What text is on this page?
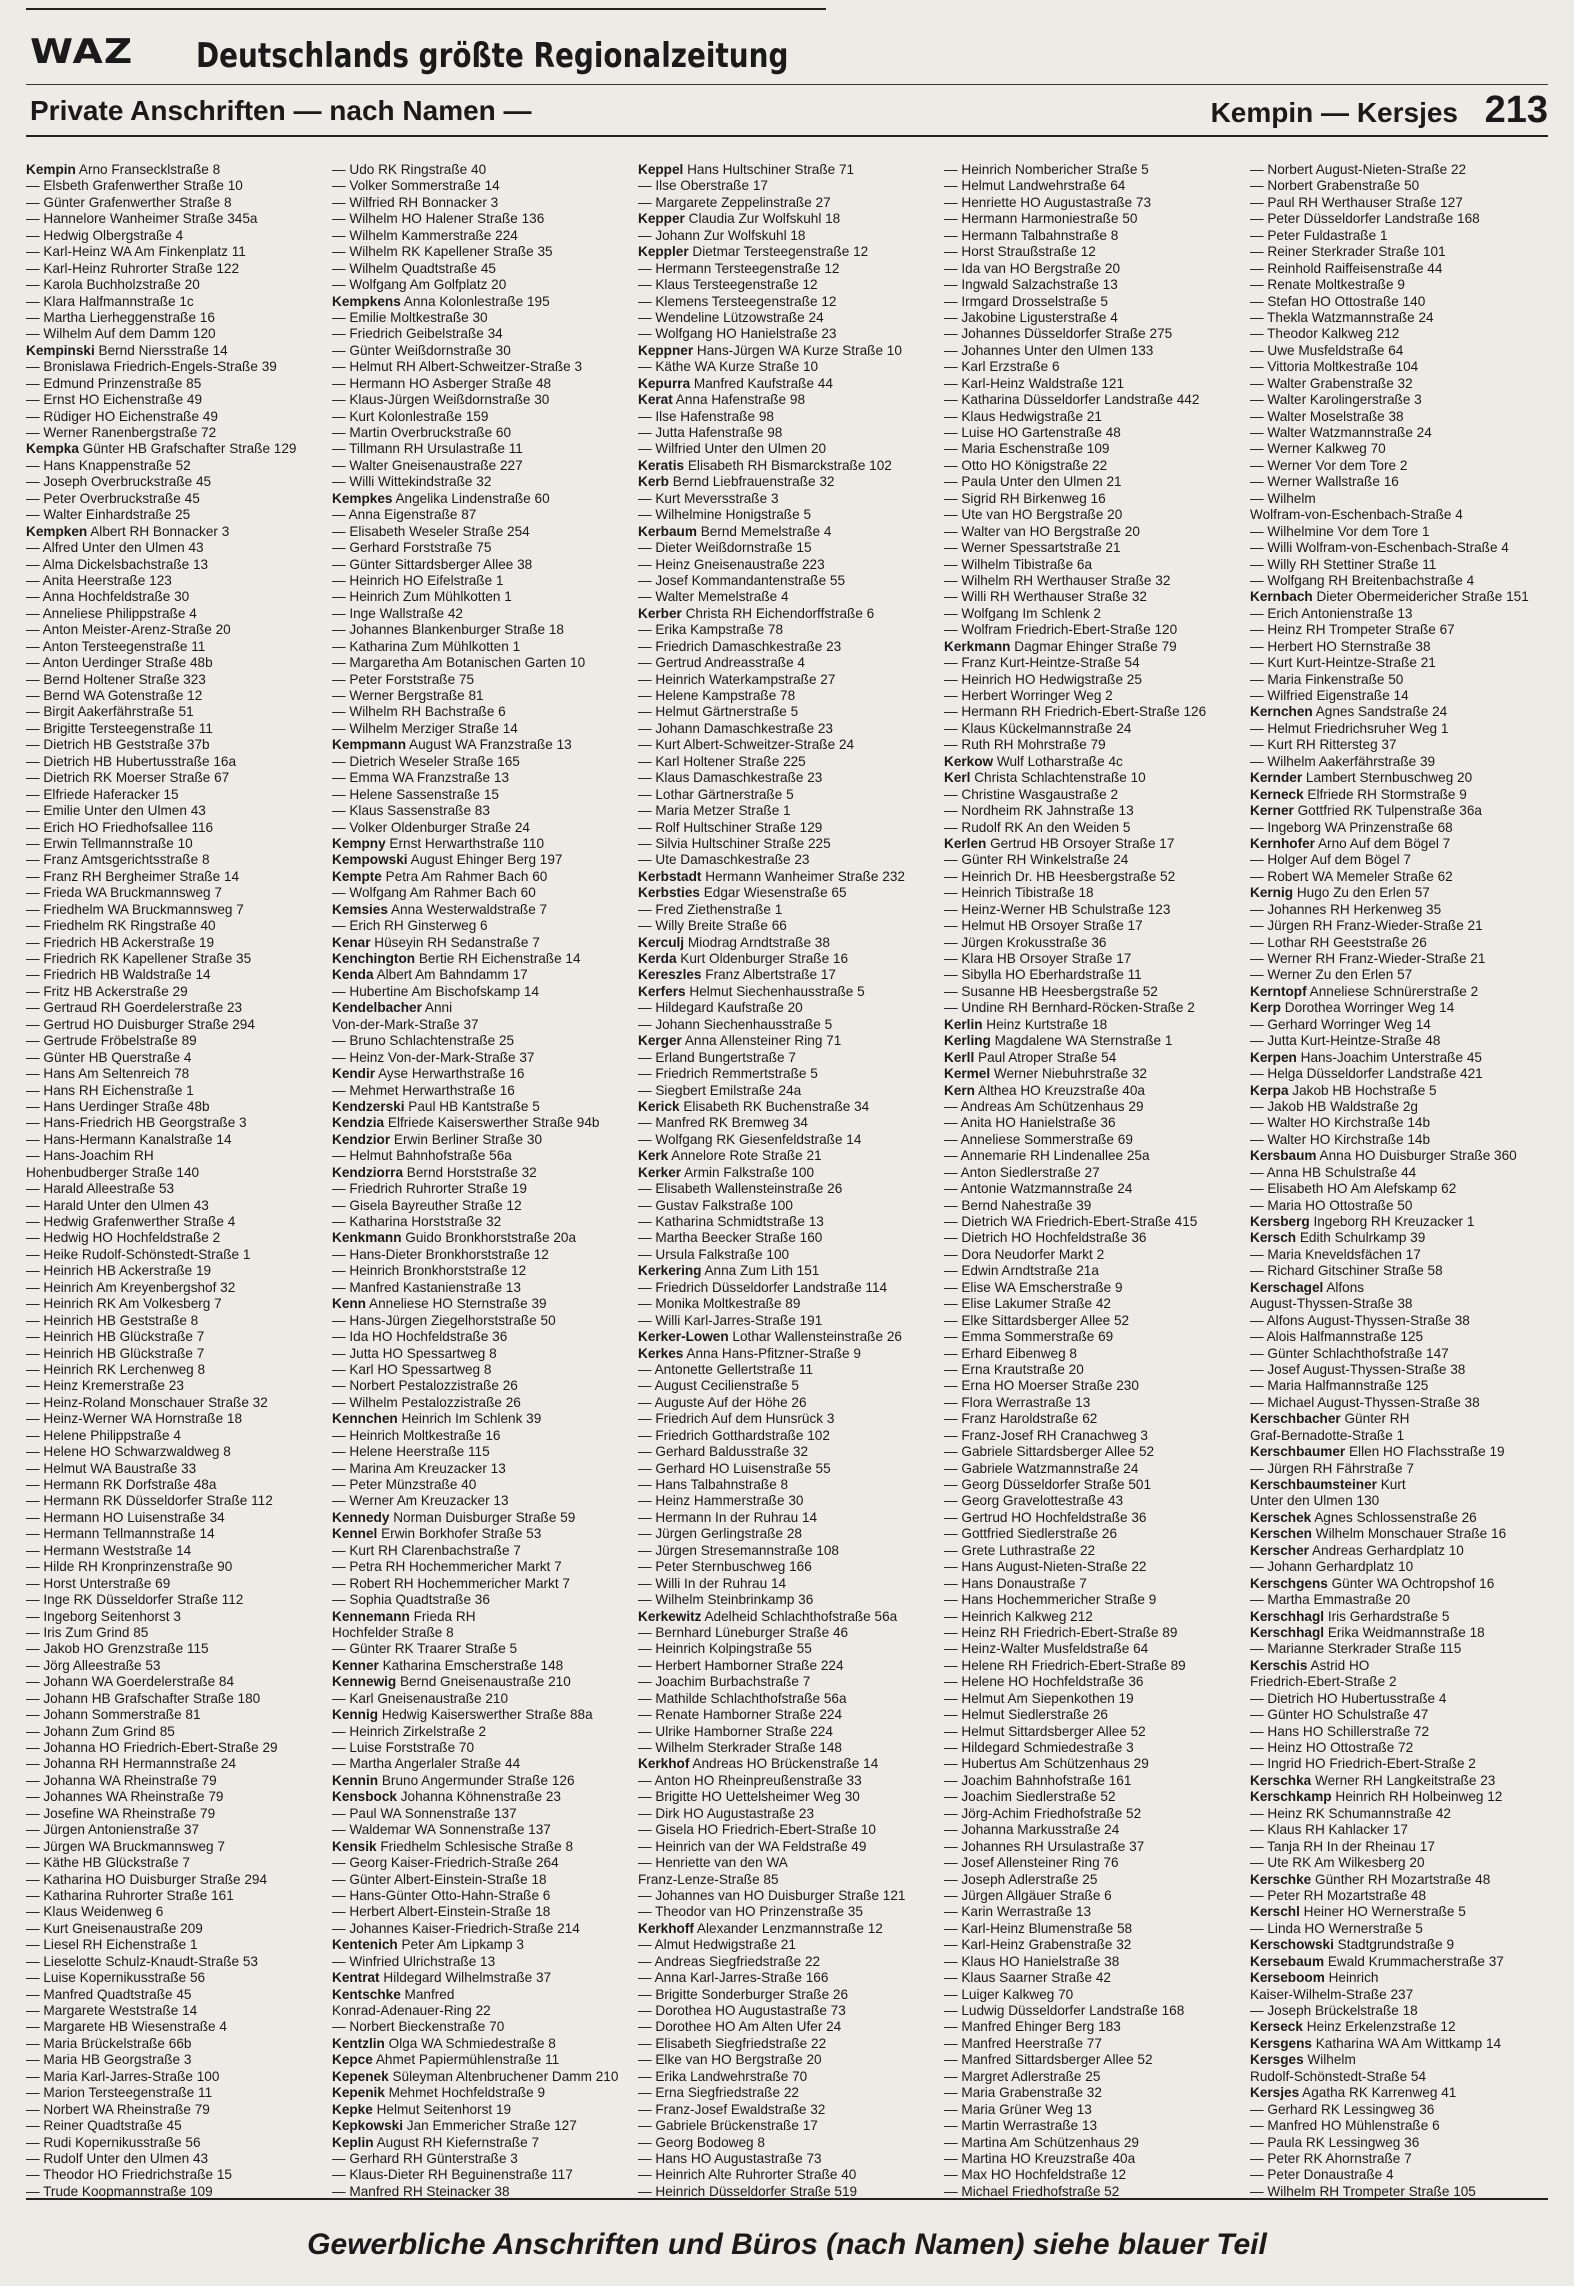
WAZ Deutschlands größte Regionalzeitung
Private Anschriften — nach Namen —	Kempin — Kersjes 213
Kempin Arno Fransecklstraße 8
— Elsbeth Grafenwerther Straße 10
— Günter Grafenwerther Straße 8
— Hannelore Wanheimer Straße 345a
— Hedwig Olbergstraße 4
— Karl-Heinz WA Am Finkenplatz 11
— Karl-Heinz Ruhrorter Straße 122
— Karola Buchholzstraße 20
— Klara Halfmannstraße 1c
— Martha Lierheggenstraße 16
— Wilhelm Auf dem Damm 120
Kempinski Bernd Niersstraße 14
— Bronislawa Friedrich-Engels-Straße 39
— Edmund Prinzenstraße 85
— Ernst HO Eichenstraße 49
— Rüdiger HO Eichenstraße 49
— Werner Ranenbergstraße 72
Kempka Günter HB Grafschafter Straße 129
— Hans Knappenstraße 52
— Joseph Overbruckstraße 45
— Peter Overbruckstraße 45
— Walter Einhardstraße 25
Kempken Albert RH Bonnacker 3
— Alfred Unter den Ulmen 43
— Alma Dickelsbachstraße 13
— Anita Heerstraße 123
— Anna Hochfeldstraße 30
— Anneliese Philippstraße 4
— Anton Meister-Arenz-Straße 20
— Anton Tersteegenstraße 11
— Anton Uerdinger Straße 48b
— Bernd Holtener Straße 323
— Bernd WA Gotenstraße 12
— Birgit Aakerfährstraße 51
— Brigitte Tersteegenstraße 11
— Dietrich HB Geststraße 37b
— Dietrich HB Hubertusstraße 16a
— Dietrich RK Moerser Straße 67
— Elfriede Haferacker 15
— Emilie Unter den Ulmen 43
— Erich HO Friedhofsallee 116
— Erwin Tellmannstraße 10
— Franz Amtsgerichtsstraße 8
— Franz RH Bergheimer Straße 14
— Frieda WA Bruckmannsweg 7
— Friedhelm WA Bruckmannsweg 7
— Friedhelm RK Ringstraße 40
— Friedrich HB Ackerstraße 19
— Friedrich RK Kapellener Straße 35
— Friedrich HB Waldstraße 14
— Fritz HB Ackerstraße 29
— Gertraud RH Goerdelerstraße 23
— Gertrud HO Duisburger Straße 294
— Gertrude Fröbelstraße 89
— Günter HB Querstraße 4
— Hans Am Seltenreich 78
— Hans RH Eichenstraße 1
— Hans Uerdinger Straße 48b
— Hans-Friedrich HB Georgstraße 3
— Hans-Hermann Kanalstraße 14
— Hans-Joachim RH
Hohenbudberger Straße 140
— Harald Alleestraße 53
— Harald Unter den Ulmen 43
— Hedwig Grafenwerther Straße 4
— Hedwig HO Hochfeldstraße 2
— Heike Rudolf-Schönstedt-Straße 1
— Heinrich HB Ackerstraße 19
— Heinrich Am Kreyenbergshof 32
— Heinrich RK Am Volkesberg 7
— Heinrich HB Geststraße 8
— Heinrich HB Glückstraße 7
— Heinrich HB Glückstraße 7
— Heinrich RK Lerchenweg 8
— Heinz Kremerstraße 23
— Heinz-Roland Monschauer Straße 32
— Heinz-Werner WA Hornstraße 18
— Helene Philippstraße 4
— Helene HO Schwarzwaldweg 8
— Helmut WA Baustraße 33
— Hermann RK Dorfstraße 48a
— Hermann RK Düsseldorfer Straße 112
— Hermann HO Luisenstraße 34
— Hermann Tellmannstraße 14
— Hermann Weststraße 14
— Hilde RH Kronprinzenstraße 90
— Horst Unterstraße 69
— Inge RK Düsseldorfer Straße 112
— Ingeborg Seitenhorst 3
— Iris Zum Grind 85
— Jakob HO Grenzstraße 115
— Jörg Alleestraße 53
— Johann WA Goerdelerstraße 84
— Johann HB Grafschafter Straße 180
— Johann Sommerstraße 81
— Johann Zum Grind 85
— Johanna HO Friedrich-Ebert-Straße 29
— Johanna RH Hermannstraße 24
— Johanna WA Rheinstraße 79
— Johannes WA Rheinstraße 79
— Josefine WA Rheinstraße 79
— Jürgen Antonienstraße 37
— Jürgen WA Bruckmannsweg 7
— Käthe HB Glückstraße 7
— Katharina HO Duisburger Straße 294
— Katharina Ruhrorter Straße 161
— Klaus Weidenweg 6
— Kurt Gneisenaustraße 209
— Liesel RH Eichenstraße 1
— Lieselotte Schulz-Knaudt-Straße 53
— Luise Kopernikusstraße 56
— Manfred Quadtstraße 45
— Margarete Weststraße 14
— Margarete HB Wiesenstraße 4
— Maria Brückelstraße 66b
— Maria HB Georgstraße 3
— Maria Karl-Jarres-Straße 100
— Marion Tersteegenstraße 11
— Norbert WA Rheinstraße 79
— Reiner Quadtstraße 45
— Rudi Kopernikusstraße 56
— Rudolf Unter den Ulmen 43
— Theodor HO Friedrichstraße 15
— Trude Koopmannstraße 109
— Udo RK Ringstraße 40
— Volker Sommerstraße 14
— Wilfried RH Bonnacker 3
— Wilhelm HO Halener Straße 136
— Wilhelm Kammerstraße 224
— Wilhelm RK Kapellener Straße 35
— Wilhelm Quadtstraße 45
— Wolfgang Am Golfplatz 20
Kempkens Anna Kolonlestraße 195
— Emilie Moltkestraße 30
— Friedrich Geibelstraße 34
— Günter Weißdornstraße 30
— Helmut RH Albert-Schweitzer-Straße 3
— Hermann HO Asberger Straße 48
— Klaus-Jürgen Weißdornstraße 30
— Kurt Kolonlestraße 159
— Martin Overbruckstraße 60
— Tillmann RH Ursulastraße 11
— Walter Gneisenaustraße 227
— Willi Wittekindstraße 32
Kempkes Angelika Lindenstraße 60
— Anna Eigenstraße 87
— Elisabeth Weseler Straße 254
— Gerhard Forststraße 75
— Günter Sittardsberger Allee 38
— Heinrich HO Eifelstraße 1
— Heinrich Zum Mühlkotten 1
— Inge Wallstraße 42
— Johannes Blankenburger Straße 18
— Katharina Zum Mühlkotten 1
— Margaretha Am Botanischen Garten 10
— Peter Forststraße 75
— Werner Bergstraße 81
— Wilhelm RH Bachstraße 6
— Wilhelm Merziger Straße 14
Kempmann August WA Franzstraße 13
— Dietrich Weseler Straße 165
— Emma WA Franzstraße 13
— Helene Sassenstraße 15
— Klaus Sassenstraße 83
— Volker Oldenburger Straße 24
Kempny Ernst Herwarthstraße 110
Kempowski August Ehinger Berg 197
Kempte Petra Am Rahmer Bach 60
— Wolfgang Am Rahmer Bach 60
Kemsies Anna Westerwaldstraße 7
— Erich RH Ginsterweg 6
Kenar Hüseyin RH Sedanstraße 7
Kenchington Bertie RH Eichenstraße 14
Kenda Albert Am Bahndamm 17
— Hubertine Am Bischofskamp 14
Kendelbacher Anni
Von-der-Mark-Straße 37
— Bruno Schlachtenstraße 25
— Heinz Von-der-Mark-Straße 37
Kendir Ayse Herwarthstraße 16
— Mehmet Herwarthstraße 16
Kendzerski Paul HB Kantstraße 5
Kendzia Elfriede Kaiserswerther Straße 94b
Kendzior Erwin Berliner Straße 30
— Helmut Bahnhofstraße 56a
Kendziorra Bernd Horststraße 32
— Friedrich Ruhrorter Straße 19
— Gisela Bayreuther Straße 12
— Katharina Horststraße 32
Kenkmann Guido Bronkhorststraße 20a
— Hans-Dieter Bronkhorststraße 12
— Heinrich Bronkhorststraße 12
— Manfred Kastanienstraße 13
Kenn Anneliese HO Sternstraße 39
— Hans-Jürgen Ziegelhorststraße 50
— Ida HO Hochfeldstraße 36
— Jutta HO Spessartweg 8
— Karl HO Spessartweg 8
— Norbert Pestalozzistraße 26
— Wilhelm Pestalozzistraße 26
Kennchen Heinrich Im Schlenk 39
— Heinrich Moltkestraße 16
— Helene Heerstraße 115
— Marina Am Kreuzacker 13
— Peter Münzstraße 40
— Werner Am Kreuzacker 13
Kennedy Norman Duisburger Straße 59
Kennel Erwin Borkhofer Straße 53
— Kurt RH Clarenbachstraße 7
— Petra RH Hochemmericher Markt 7
— Robert RH Hochemmericher Markt 7
— Sophia Quadtstraße 36
Kennemann Frieda RH
Hochfelder Straße 8
— Günter RK Traarer Straße 5
Kenner Katharina Emscherstraße 148
Kennewig Bernd Gneisenaustraße 210
— Karl Gneisenaustraße 210
Kennig Hedwig Kaiserswerther Straße 88a
— Heinrich Zirkelstraße 2
— Luise Forststraße 70
— Martha Angerlaler Straße 44
Kennin Bruno Angermunder Straße 126
Kensbock Johanna Köhnenstraße 23
— Paul WA Sonnenstraße 137
— Waldemar WA Sonnenstraße 137
Kensik Friedhelm Schlesische Straße 8
— Georg Kaiser-Friedrich-Straße 264
— Günter Albert-Einstein-Straße 18
— Hans-Günter Otto-Hahn-Straße 6
— Herbert Albert-Einstein-Straße 18
— Johannes Kaiser-Friedrich-Straße 214
Kentenich Peter Am Lipkamp 3
— Winfried Ulrichstraße 13
Kentrat Hildegard Wilhelmstraße 37
Kentschke Manfred
Konrad-Adenauer-Ring 22
— Norbert Bieckenstraße 70
Kentzlin Olga WA Schmiedestraße 8
Kepce Ahmet Papiermühlenstraße 11
Kepenek Süleyman Altenbruchener Damm 210
Kepenik Mehmet Hochfeldstraße 9
Kepke Helmut Seitenhorst 19
Kepkowski Jan Emmericher Straße 127
Keplin August RH Kiefernstraße 7
— Gerhard RH Günterstraße 3
— Klaus-Dieter RH Beguinenstraße 117
— Manfred RH Steinacker 38
Keppel Hans Hultschiner Straße 71
— Ilse Oberstraße 17
— Margarete Zeppelinstraße 27
Kepper Claudia Zur Wolfskuhl 18
— Johann Zur Wolfskuhl 18
Keppler Dietmar Tersteegenstraße 12
— Hermann Tersteegenstraße 12
— Klaus Tersteegenstraße 12
— Klemens Tersteegenstraße 12
— Wendeline Lützowstraße 24
— Wolfgang HO Hanielstraße 23
Keppner Hans-Jürgen WA Kurze Straße 10
— Käthe WA Kurze Straße 10
Kepurra Manfred Kaufstraße 44
Kerat Anna Hafenstraße 98
— Ilse Hafenstraße 98
— Jutta Hafenstraße 98
— Wilfried Unter den Ulmen 20
Keratis Elisabeth RH Bismarckstraße 102
Kerb Bernd Liebfrauenstraße 32
— Kurt Meversstraße 3
— Wilhelmine Honigstraße 5
Kerbaum Bernd Memelstraße 4
— Dieter Weißdornstraße 15
— Heinz Gneisenaustraße 223
— Josef Kommandantenstraße 55
— Walter Memelstraße 4
Kerber Christa RH Eichendorffstraße 6
— Erika Kampstraße 78
— Friedrich Damaschkestraße 23
— Gertrud Andreasstraße 4
— Heinrich Waterkampstraße 27
— Helene Kampstraße 78
— Helmut Gärtnerstraße 5
— Johann Damaschkestraße 23
— Kurt Albert-Schweitzer-Straße 24
— Karl Holtener Straße 225
— Klaus Damaschkestraße 23
— Lothar Gärtnerstraße 5
— Maria Metzer Straße 1
— Rolf Hultschiner Straße 129
— Silvia Hultschiner Straße 225
— Ute Damaschkestraße 23
Kerbstadt Hermann Wanheimer Straße 232
Kerbsties Edgar Wiesenstraße 65
— Fred Ziethenstraße 1
— Willy Breite Straße 66
Kerculj Miodrag Arndtstraße 38
Kerda Kurt Oldenburger Straße 16
Kereszles Franz Albertstraße 17
Kerfers Helmut Siechenhausstraße 5
— Hildegard Kaufstraße 20
— Johann Siechenhausstraße 5
Kerger Anna Allensteiner Ring 71
— Erland Bungertstraße 7
— Friedrich Remmertstraße 5
— Siegbert Emilstraße 24a
Kerick Elisabeth RK Buchenstraße 34
— Manfred RK Bremweg 34
— Wolfgang RK Giesenfeldstraße 14
Kerk Annelore Rote Straße 21
Kerker Armin Falkstraße 100
— Elisabeth Wallensteinstraße 26
— Gustav Falkstraße 100
— Katharina Schmidtstraße 13
— Martha Beecker Straße 160
— Ursula Falkstraße 100
Kerkering Anna Zum Lith 151
— Friedrich Düsseldorfer Landstraße 114
— Monika Moltkestraße 89
— Willi Karl-Jarres-Straße 191
Kerker-Lowen Lothar Wallensteinstraße 26
Kerkes Anna Hans-Pfitzner-Straße 9
— Antonette Gellertstraße 11
— August Cecilienstraße 5
— Auguste Auf der Höhe 26
— Friedrich Auf dem Hunsrück 3
— Friedrich Gotthardstraße 102
— Gerhard Baldusstraße 32
— Gerhard HO Luisenstraße 55
— Hans Talbahnstraße 8
— Heinz Hammerstraße 30
— Hermann In der Ruhrau 14
— Jürgen Gerlingstraße 28
— Jürgen Stresemannstraße 108
— Peter Sternbuschweg 166
— Willi In der Ruhrau 14
— Wilhelm Steinbrinkamp 36
Kerkewitz Adelheid Schlachthofstraße 56a
— Bernhard Lüneburger Straße 46
— Heinrich Kolpingstraße 55
— Herbert Hamborner Straße 224
— Joachim Burbachstraße 7
— Mathilde Schlachthofstraße 56a
— Renate Hamborner Straße 224
— Ulrike Hamborner Straße 224
— Wilhelm Sterkrader Straße 148
Kerkhof Andreas HO Brückenstraße 14
— Anton HO Rheinpreußenstraße 33
— Brigitte HO Uettelsheimer Weg 30
— Dirk HO Augustastraße 23
— Gisela HO Friedrich-Ebert-Straße 10
— Heinrich van der WA Feldstraße 49
— Henriette van den WA
Franz-Lenze-Straße 85
— Johannes van HO Duisburger Straße 121
— Theodor van HO Prinzenstraße 35
Kerkhoff Alexander Lenzmannstraße 12
— Almut Hedwigstraße 21
— Andreas Siegfriedstraße 22
— Anna Karl-Jarres-Straße 166
— Brigitte Sonderburger Straße 26
— Dorothea HO Augustastraße 73
— Dorothee HO Am Alten Ufer 24
— Elisabeth Siegfriedstraße 22
— Elke van HO Bergstraße 20
— Erika Landwehrstraße 70
— Erna Siegfriedstraße 22
— Franz-Josef Ewaldstraße 32
— Gabriele Brückenstraße 17
— Georg Bodoweg 8
— Hans HO Augustastraße 73
— Heinrich Alte Ruhrorter Straße 40
— Heinrich Düsseldorfer Straße 519
— Heinrich Nombericher Straße 5
— Helmut Landwehrstraße 64
— Henriette HO Augustastraße 73
— Hermann Harmoniestraße 50
— Hermann Talbahnstraße 8
— Horst Straußstraße 12
— Ida van HO Bergstraße 20
— Ingwald Salzachstraße 13
— Irmgard Drosselstraße 5
— Jakobine Ligusterstraße 4
— Johannes Düsseldorfer Straße 275
— Johannes Unter den Ulmen 133
— Karl Erzstraße 6
— Karl-Heinz Waldstraße 121
— Katharina Düsseldorfer Landstraße 442
— Klaus Hedwigstraße 21
— Luise HO Gartenstraße 48
— Maria Eschenstraße 109
— Otto HO Königstraße 22
— Paula Unter den Ulmen 21
— Sigrid RH Birkenweg 16
— Ute van HO Bergstraße 20
— Walter van HO Bergstraße 20
— Werner Spessartstraße 21
— Wilhelm Tibistraße 6a
— Wilhelm RH Werthauser Straße 32
— Willi RH Werthauser Straße 32
— Wolfgang Im Schlenk 2
— Wolfram Friedrich-Ebert-Straße 120
Kerkmann Dagmar Ehinger Straße 79
— Franz Kurt-Heintze-Straße 54
— Heinrich HO Hedwigstraße 25
— Herbert Worringer Weg 2
— Hermann RH Friedrich-Ebert-Straße 126
— Klaus Kückelmannstraße 24
— Ruth RH Mohrstraße 79
Kerkow Wulf Lotharstraße 4c
Kerl Christa Schlachtenstraße 10
— Christine Wasgaustraße 2
— Nordheim RK Jahnstraße 13
— Rudolf RK An den Weiden 5
Kerlen Gertrud HB Orsoyer Straße 17
— Günter RH Winkelstraße 24
— Heinrich Dr. HB Heesbergstraße 52
— Heinrich Tibistraße 18
— Heinz-Werner HB Schulstraße 123
— Helmut HB Orsoyer Straße 17
— Jürgen Krokusstraße 36
— Klara HB Orsoyer Straße 17
— Sibylla HO Eberhardstraße 11
— Susanne HB Heesbergstraße 52
— Undine RH Bernhard-Röcken-Straße 2
Kerlin Heinz Kurtstraße 18
Kerling Magdalene WA Sternstraße 1
Kerll Paul Atroper Straße 54
Kermel Werner Niebuhrstraße 32
Kern Althea HO Kreuzstraße 40a
— Andreas Am Schützenhaus 29
— Anita HO Hanielstraße 36
— Anneliese Sommerstraße 69
— Annemarie RH Lindenallee 25a
— Anton Siedlerstraße 27
— Antonie Watzmannstraße 24
— Bernd Nahestraße 39
— Dietrich WA Friedrich-Ebert-Straße 415
— Dietrich HO Hochfeldstraße 36
— Dora Neudorfer Markt 2
— Edwin Arndtstraße 21a
— Elise WA Emscherstraße 9
— Elise Lakumer Straße 42
— Elke Sittardsberger Allee 52
— Emma Sommerstraße 69
— Erhard Eibenweg 8
— Erna Krautstraße 20
— Erna HO Moerser Straße 230
— Flora Werrastraße 13
— Franz Haroldstraße 62
— Franz-Josef RH Cranachweg 3
— Gabriele Sittardsberger Allee 52
— Gabriele Watzmannstraße 24
— Georg Düsseldorfer Straße 501
— Georg Gravelottestraße 43
— Gertrud HO Hochfeldstraße 36
— Gottfried Siedlerstraße 26
— Grete Luthrastraße 22
— Hans August-Nieten-Straße 22
— Hans Donaustraße 7
— Hans Hochemmericher Straße 9
— Heinrich Kalkweg 212
— Heinz RH Friedrich-Ebert-Straße 89
— Heinz-Walter Musfeldstraße 64
— Helene RH Friedrich-Ebert-Straße 89
— Helene HO Hochfeldstraße 36
— Helmut Am Siepenkothen 19
— Helmut Siedlerstraße 26
— Helmut Sittardsberger Allee 52
— Hildegard Schmiedestraße 3
— Hubertus Am Schützenhaus 29
— Joachim Bahnhofstraße 161
— Joachim Siedlerstraße 52
— Jörg-Achim Friedhofstraße 52
— Johanna Markusstraße 24
— Johannes RH Ursulastraße 37
— Josef Allensteiner Ring 76
— Joseph Adlerstraße 25
— Jürgen Allgäuer Straße 6
— Karin Werrastraße 13
— Karl-Heinz Blumenstraße 58
— Karl-Heinz Grabenstraße 32
— Klaus HO Hanielstraße 38
— Klaus Saarner Straße 42
— Luiger Kalkweg 70
— Ludwig Düsseldorfer Landstraße 168
— Manfred Ehinger Berg 183
— Manfred Heerstraße 77
— Manfred Sittardsberger Allee 52
— Margret Adlerstraße 25
— Maria Grabenstraße 32
— Maria Grüner Weg 13
— Martin Werrastraße 13
— Martina Am Schützenhaus 29
— Martina HO Kreuzstraße 40a
— Max HO Hochfeldstraße 12
— Michael Friedhofstraße 52
— Norbert August-Nieten-Straße 22
— Norbert Grabenstraße 50
— Paul RH Werthauser Straße 127
— Peter Düsseldorfer Landstraße 168
— Peter Fuldastraße 1
— Reiner Sterkrader Straße 101
— Reinhold Raiffeisenstraße 44
— Renate Moltkestraße 9
— Stefan HO Ottostraße 140
— Thekla Watzmannstraße 24
— Theodor Kalkweg 212
— Uwe Musfeldstraße 64
— Vittoria Moltkestraße 104
— Walter Grabenstraße 32
— Walter Karolingerstraße 3
— Walter Moselstraße 38
— Walter Watzmannstraße 24
— Werner Kalkweg 70
— Werner Vor dem Tore 2
— Werner Wallstraße 16
— Wilhelm
Wolfram-von-Eschenbach-Straße 4
— Wilhelmine Vor dem Tore 1
— Willi Wolfram-von-Eschenbach-Straße 4
— Willy RH Stettiner Straße 11
— Wolfgang RH Breitenbachstraße 4
Kernbach Dieter Obermeidericher Straße 151
— Erich Antonienstraße 13
— Heinz RH Trompeter Straße 67
— Herbert HO Sternstraße 38
— Kurt Kurt-Heintze-Straße 21
— Maria Finkenstraße 50
— Wilfried Eigenstraße 14
Kernchen Agnes Sandstraße 24
— Helmut Friedrichsruher Weg 1
— Kurt RH Rittersteg 37
— Wilhelm Aakerfährstraße 39
Kernder Lambert Sternbuschweg 20
Kerneck Elfriede RH Stormstraße 9
Kerner Gottfried RK Tulpenstraße 36a
— Ingeborg WA Prinzenstraße 68
Kernhofer Arno Auf dem Bögel 7
— Holger Auf dem Bögel 7
— Robert WA Memeler Straße 62
Kernig Hugo Zu den Erlen 57
— Johannes RH Herkenweg 35
— Jürgen RH Franz-Wieder-Straße 21
— Lothar RH Geeststraße 26
— Werner RH Franz-Wieder-Straße 21
— Werner Zu den Erlen 57
Kerntopf Anneliese Schnürerstraße 2
Kerp Dorothea Worringer Weg 14
— Gerhard Worringer Weg 14
— Jutta Kurt-Heintze-Straße 48
Kerpen Hans-Joachim Unterstraße 45
— Helga Düsseldorfer Landstraße 421
Kerpa Jakob HB Hochstraße 5
— Jakob HB Waldstraße 2g
— Walter HO Kirchstraße 14b
— Walter HO Kirchstraße 14b
Kersbaum Anna HO Duisburger Straße 360
— Anna HB Schulstraße 44
— Elisabeth HO Am Alefskamp 62
— Maria HO Ottostraße 50
Kersberg Ingeborg RH Kreuzacker 1
Kersch Edith Schulrkamp 39
— Maria Kneveldsfächen 17
— Richard Gitschiner Straße 58
Kerschagel Alfons
August-Thyssen-Straße 38
— Alfons August-Thyssen-Straße 38
— Alois Halfmannstraße 125
— Günter Schlachthofstraße 147
— Josef August-Thyssen-Straße 38
— Maria Halfmannstraße 125
— Michael August-Thyssen-Straße 38
Kerschbacher Günter RH
Graf-Bernadotte-Straße 1
Kerschbaumer Ellen HO Flachsstraße 19
— Jürgen RH Fährstraße 7
Kerschbaumsteiner Kurt
Unter den Ulmen 130
Kerschek Agnes Schlossenstraße 26
Kerschen Wilhelm Monschauer Straße 16
Kerscher Andreas Gerhardplatz 10
— Johann Gerhardplatz 10
Kerschgens Günter WA Ochtropshof 16
— Martha Emmastraße 20
Kerschhagl Iris Gerhardstraße 5
Kerschhagl Erika Weidmannstraße 18
— Marianne Sterkrader Straße 115
Kerschis Astrid HO
Friedrich-Ebert-Straße 2
— Dietrich HO Hubertusstraße 4
— Günter HO Schulstraße 47
— Hans HO Schillerstraße 72
— Heinz HO Ottostraße 72
— Ingrid HO Friedrich-Ebert-Straße 2
Kerschka Werner RH Langkeitstraße 23
Kerschkamp Heinrich RH Holbeinweg 12
— Heinz RK Schumannstraße 42
— Klaus RH Kahlacker 17
— Tanja RH In der Rheinau 17
— Ute RK Am Wilkesberg 20
Kerschke Günther RH Mozartstraße 48
— Peter RH Mozartstraße 48
Kerschl Heiner HO Wernerstraße 5
— Linda HO Wernerstraße 5
Kerschowski Stadtgrundstraße 9
Kersebaum Ewald Krummacherstraße 37
Kerseboom Heinrich
Kaiser-Wilhelm-Straße 237
— Joseph Brückelstraße 18
Kerseck Heinz Erkelenzstraße 12
Kersgens Katharina WA Am Wittkamp 14
Kersges Wilhelm
Rudolf-Schönstedt-Straße 54
Kersjes Agatha RK Karrenweg 41
— Gerhard RK Lessingweg 36
— Manfred HO Mühlenstraße 6
— Paula RK Lessingweg 36
— Peter RK Ahornstraße 7
— Peter Donaustraße 4
— Wilhelm RH Trompeter Straße 105
Gewerbliche Anschriften und Büros (nach Namen) siehe blauer Teil
